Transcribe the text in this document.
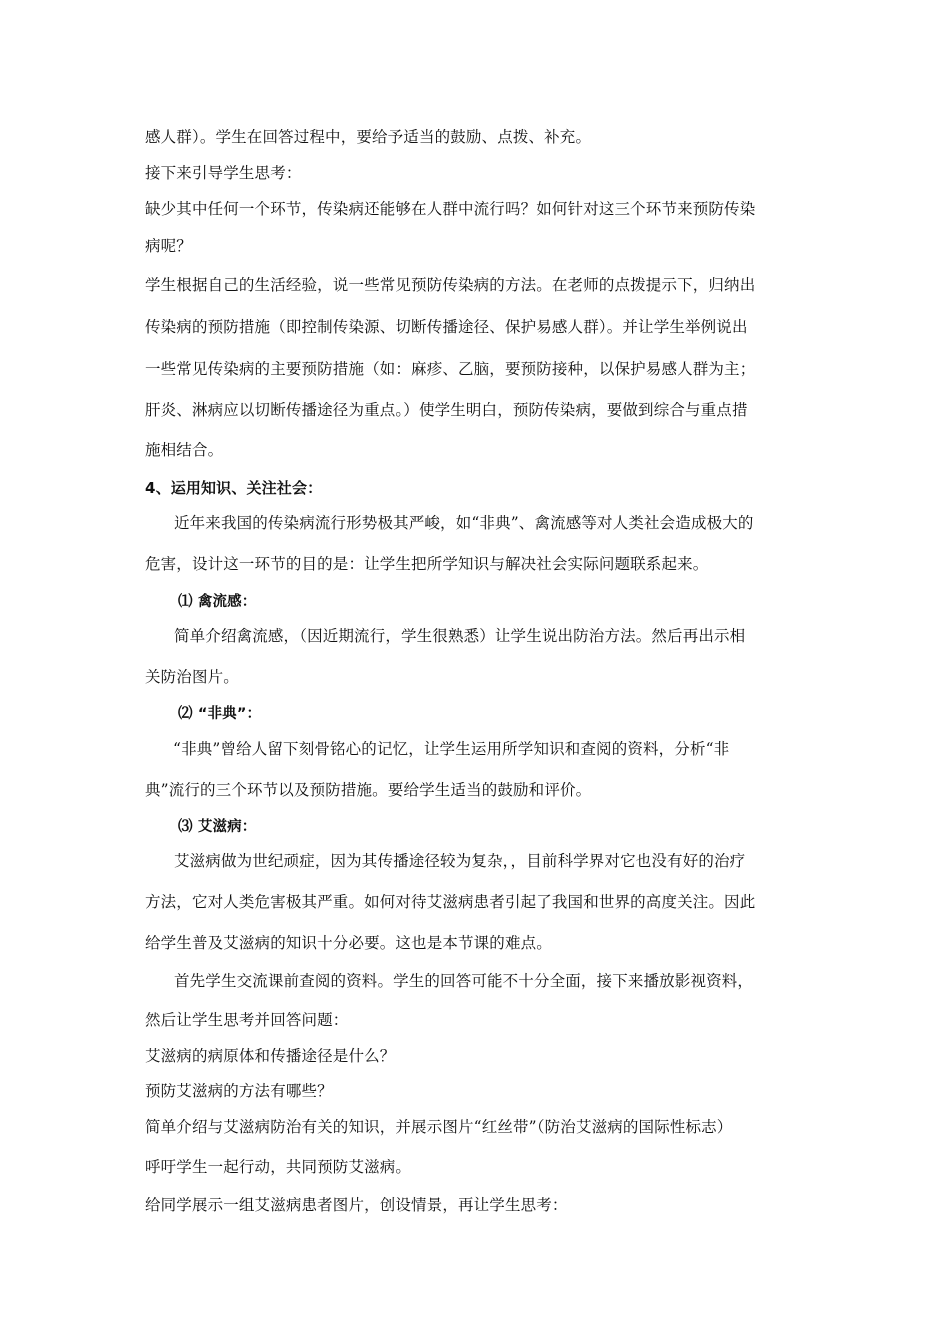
感人群）。学生在回答过程中，要给予适当的鼓励、点拨、补充。
接下来引导学生思考：
缺少其中任何一个环节，传染病还能够在人群中流行吗？如何针对这三个环节来预防传染
病呢？
学生根据自己的生活经验，说一些常见预防传染病的方法。在老师的点拨提示下，归纳出
传染病的预防措施（即控制传染源、切断传播途径、保护易感人群）。并让学生举例说出
一些常见传染病的主要预防措施（如：麻疹、乙脑，要预防接种，以保护易感人群为主；
肝炎、淋病应以切断传播途径为重点。）使学生明白，预防传染病，要做到综合与重点措
施相结合。
4、运用知识、关注社会：
近年来我国的传染病流行形势极其严峻，如“非典”、禽流感等对人类社会造成极大的
危害，设计这一环节的目的是：让学生把所学知识与解决社会实际问题联系起来。
⑴ 禽流感：
简单介绍禽流感，（因近期流行，学生很熟悉）让学生说出防治方法。然后再出示相
关防治图片。
⑵ “非典”：
“非典”曾给人留下刻骨铭心的记忆，让学生运用所学知识和查阅的资料，分析“非
典”流行的三个环节以及预防措施。要给学生适当的鼓励和评价。
⑶ 艾滋病：
艾滋病做为世纪顽症，因为其传播途径较为复杂，，目前科学界对它也没有好的治疗
方法，它对人类危害极其严重。如何对待艾滋病患者引起了我国和世界的高度关注。因此
给学生普及艾滋病的知识十分必要。这也是本节课的难点。
首先学生交流课前查阅的资料。学生的回答可能不十分全面，接下来播放影视资料，
然后让学生思考并回答问题：
艾滋病的病原体和传播途径是什么？
预防艾滋病的方法有哪些？
简单介绍与艾滋病防治有关的知识，并展示图片“红丝带”（防治艾滋病的国际性标志）
呼吁学生一起行动，共同预防艾滋病。
给同学展示一组艾滋病患者图片，创设情景，再让学生思考：
